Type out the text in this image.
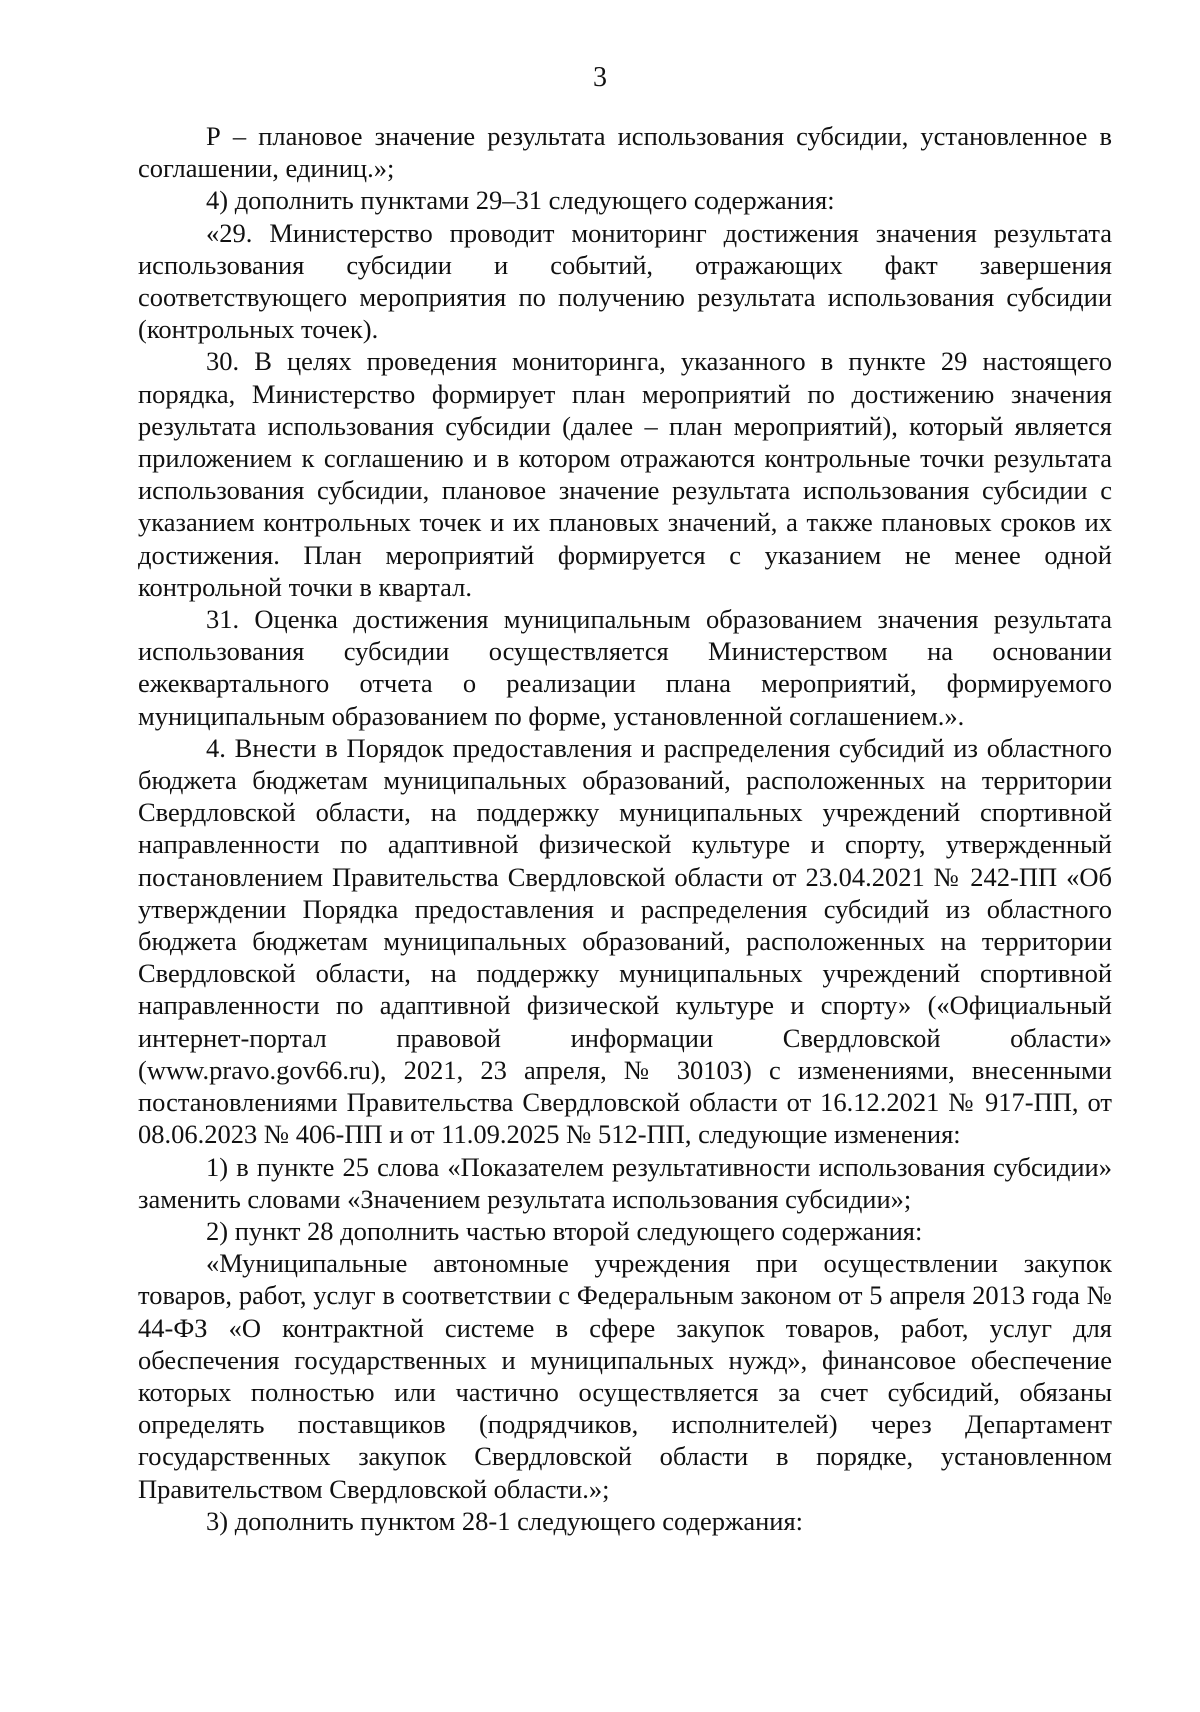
3

Р – плановое значение результата использования субсидии, установленное в соглашении, единиц.»;

4) дополнить пунктами 29–31 следующего содержания:

«29. Министерство проводит мониторинг достижения значения результата использования субсидии и событий, отражающих факт завершения соответствующего мероприятия по получению результата использования субсидии (контрольных точек).

30. В целях проведения мониторинга, указанного в пункте 29 настоящего порядка, Министерство формирует план мероприятий по достижению значения результата использования субсидии (далее – план мероприятий), который является приложением к соглашению и в котором отражаются контрольные точки результата использования субсидии, плановое значение результата использования субсидии с указанием контрольных точек и их плановых значений, а также плановых сроков их достижения. План мероприятий формируется с указанием не менее одной контрольной точки в квартал.

31. Оценка достижения муниципальным образованием значения результата использования субсидии осуществляется Министерством на основании ежеквартального отчета о реализации плана мероприятий, формируемого муниципальным образованием по форме, установленной соглашением.».

4. Внести в Порядок предоставления и распределения субсидий из областного бюджета бюджетам муниципальных образований, расположенных на территории Свердловской области, на поддержку муниципальных учреждений спортивной направленности по адаптивной физической культуре и спорту, утвержденный постановлением Правительства Свердловской области от 23.04.2021 № 242-ПП «Об утверждении Порядка предоставления и распределения субсидий из областного бюджета бюджетам муниципальных образований, расположенных на территории Свердловской области, на поддержку муниципальных учреждений спортивной направленности по адаптивной физической культуре и спорту» («Официальный интернет-портал правовой информации Свердловской области» (www.pravo.gov66.ru), 2021, 23 апреля, № 30103) с изменениями, внесенными постановлениями Правительства Свердловской области от 16.12.2021 № 917-ПП, от 08.06.2023 № 406-ПП и от 11.09.2025 № 512-ПП, следующие изменения:

1) в пункте 25 слова «Показателем результативности использования субсидии» заменить словами «Значением результата использования субсидии»;

2) пункт 28 дополнить частью второй следующего содержания:

«Муниципальные автономные учреждения при осуществлении закупок товаров, работ, услуг в соответствии с Федеральным законом от 5 апреля 2013 года № 44-ФЗ «О контрактной системе в сфере закупок товаров, работ, услуг для обеспечения государственных и муниципальных нужд», финансовое обеспечение которых полностью или частично осуществляется за счет субсидий, обязаны определять поставщиков (подрядчиков, исполнителей) через Департамент государственных закупок Свердловской области в порядке, установленном Правительством Свердловской области.»;

3) дополнить пунктом 28-1 следующего содержания:
